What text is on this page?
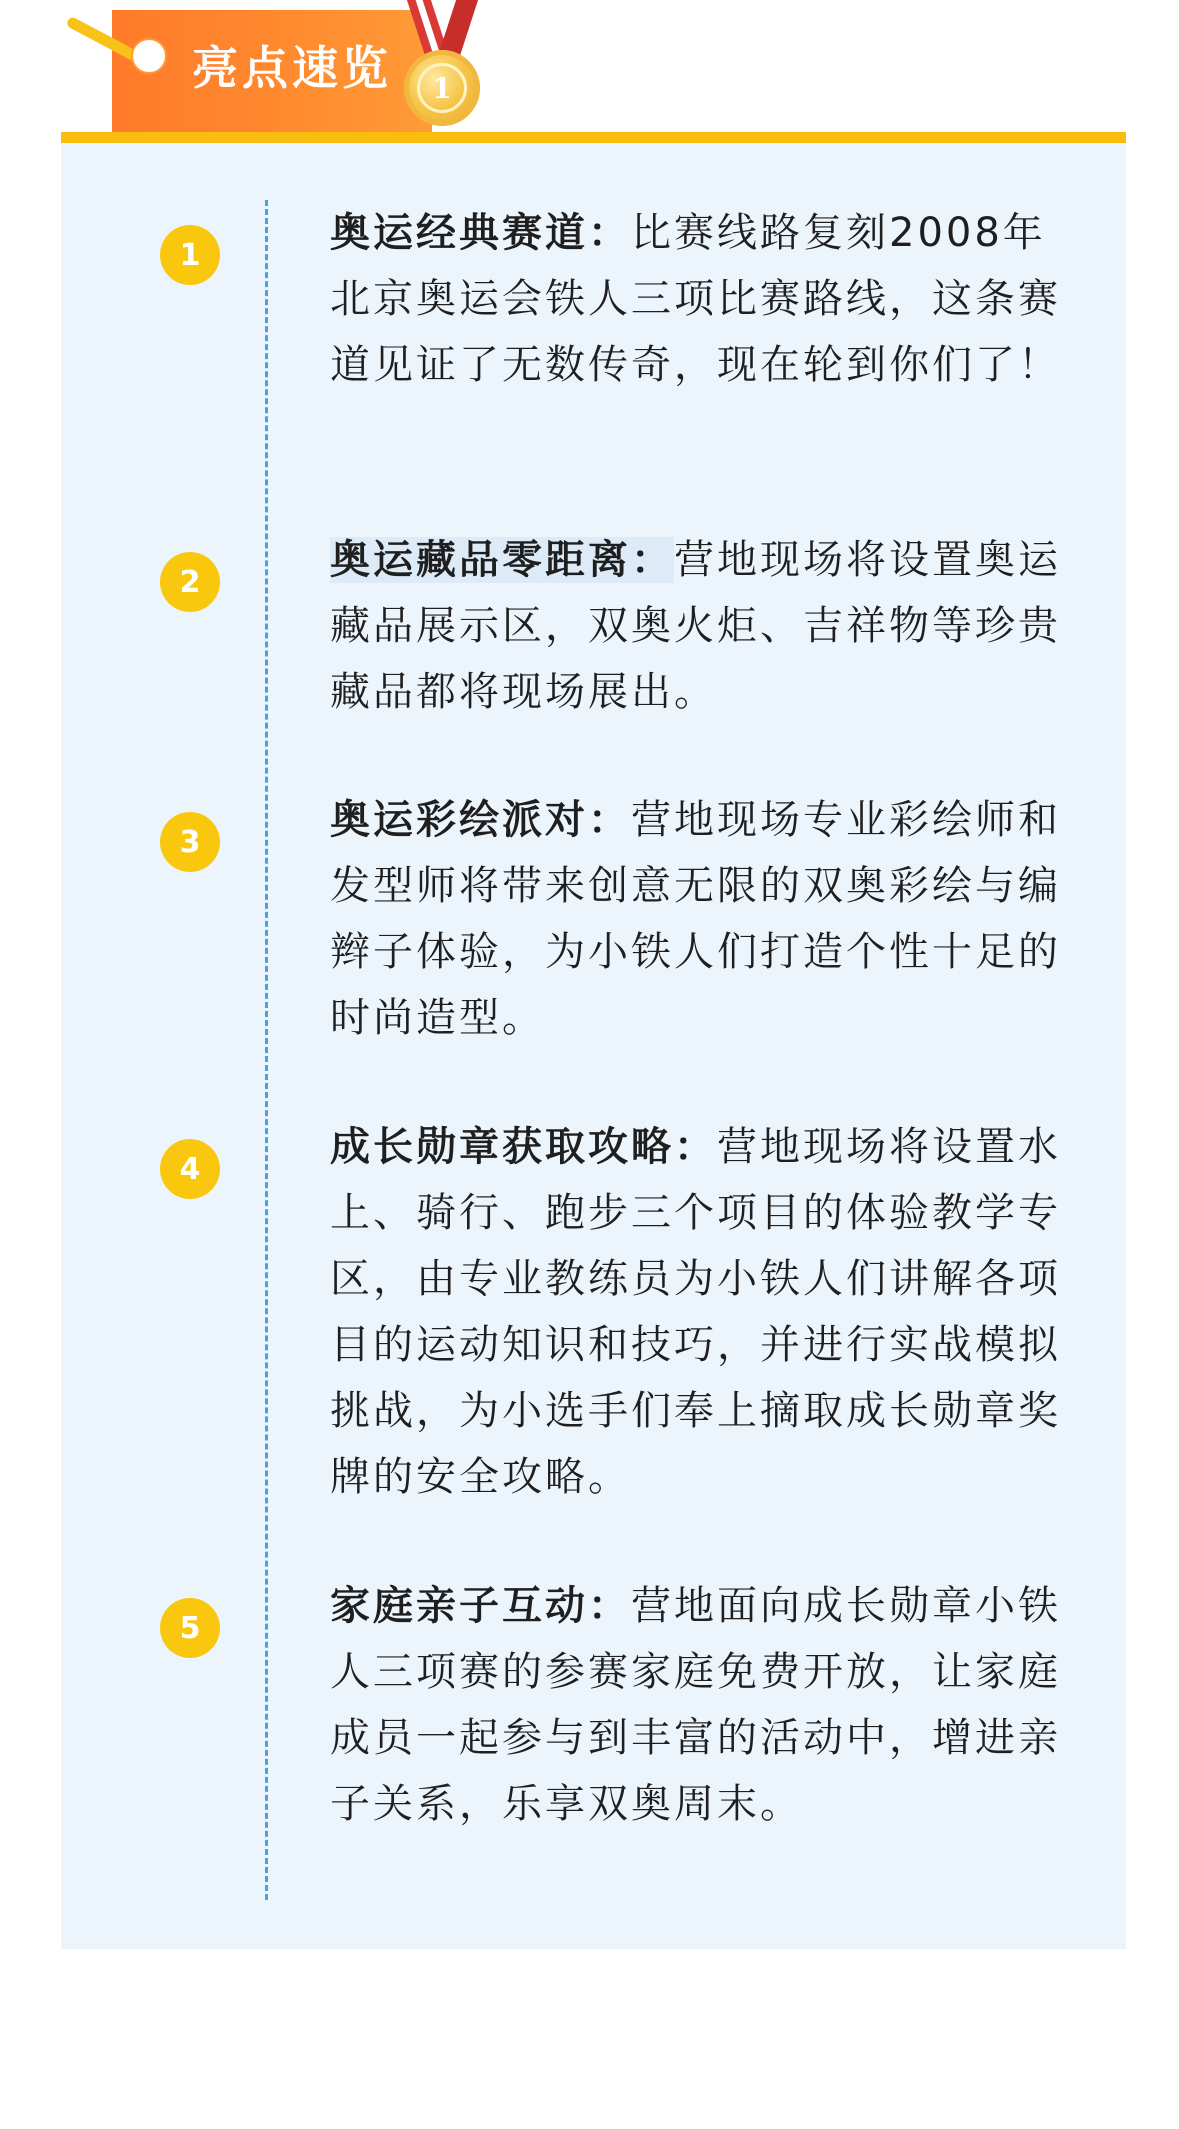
亮点速览	1
1	奥运经典赛道：比赛线路复刻2008年北京奥运会铁人三项比赛路线，这条赛道见证了无数传奇，现在轮到你们了！
2	奥运藏品零距离：营地现场将设置奥运藏品展示区，双奥火炬、吉祥物等珍贵藏品都将现场展出。
3	奥运彩绘派对：营地现场专业彩绘师和发型师将带来创意无限的双奥彩绘与编辫子体验，为小铁人们打造个性十足的时尚造型。
4	成长勋章获取攻略：营地现场将设置水上、骑行、跑步三个项目的体验教学专区，由专业教练员为小铁人们讲解各项目的运动知识和技巧，并进行实战模拟挑战，为小选手们奉上摘取成长勋章奖牌的安全攻略。
5	家庭亲子互动：营地面向成长勋章小铁人三项赛的参赛家庭免费开放，让家庭成员一起参与到丰富的活动中，增进亲子关系，乐享双奥周末。
